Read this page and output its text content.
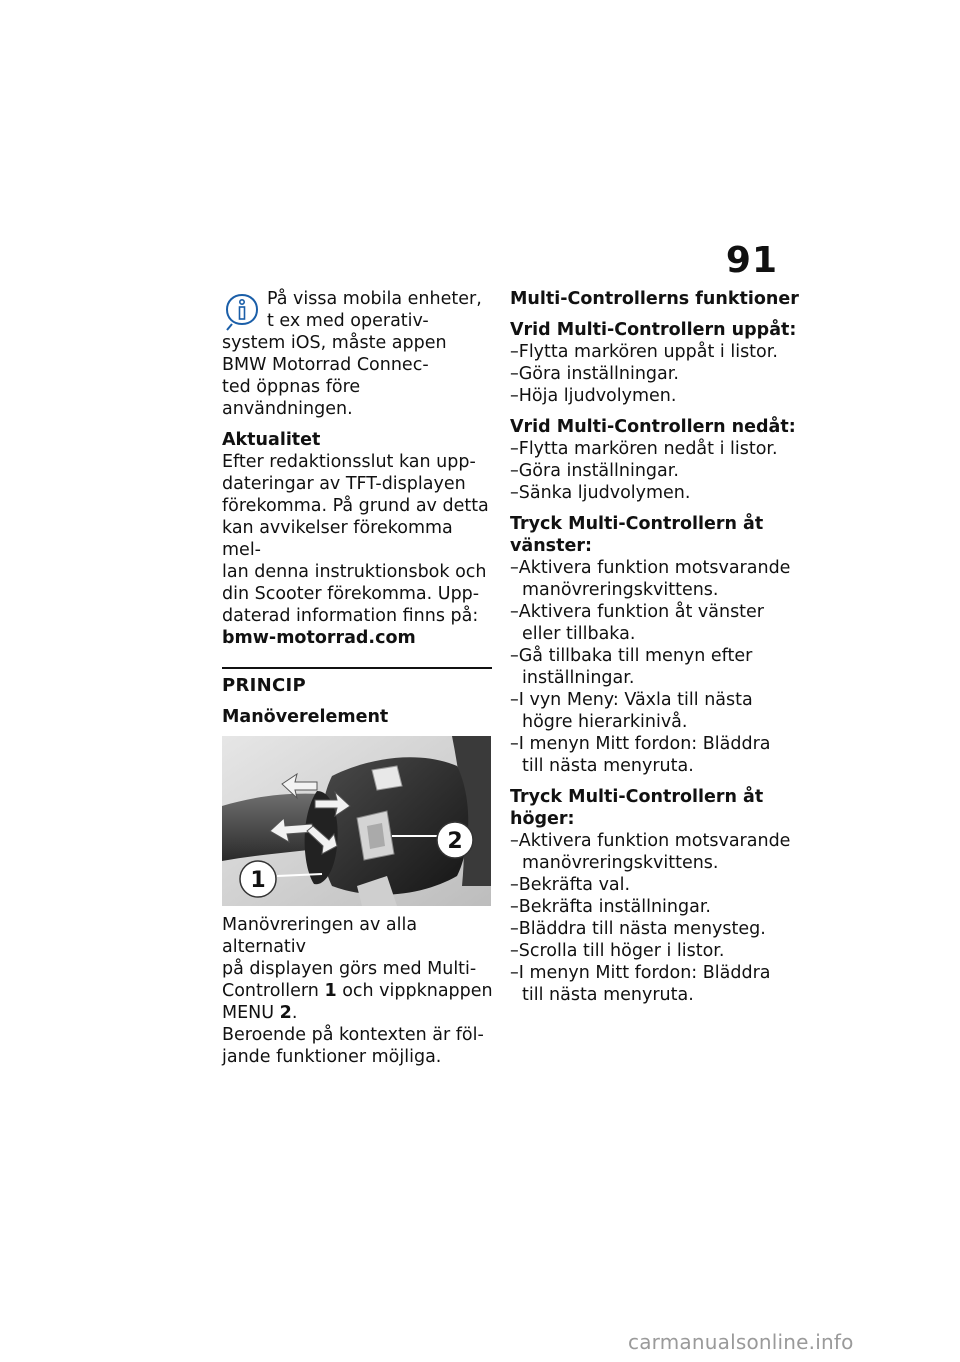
91

På vissa mobila enheter,

t ex med operativ-

system iOS, måste appen

BMW Motorrad Connec-

ted öppnas före användningen.

Aktualitet

Efter redaktionsslut kan upp-

dateringar av TFT-displayen

förekomma. På grund av detta

kan avvikelser förekomma mel-

lan denna instruktionsbok och

din Scooter förekomma. Upp-

daterad information finns på:

bmw-motorrad.com

PRINCIP

Manöverelement

2
1

Manövreringen av alla alternativ

på displayen görs med Multi-

Controllern 1 och vippknappen

MENU 2.

Beroende på kontexten är föl-

jande funktioner möjliga.

Multi-Controllerns funktioner

Vrid Multi-Controllern uppåt:

–Flytta markören uppåt i listor.
–Göra inställningar.
–Höja ljudvolymen.

Vrid Multi-Controllern nedåt:

–Flytta markören nedåt i listor.
–Göra inställningar.
–Sänka ljudvolymen.

Tryck Multi-Controllern åt

vänster:

–Aktivera funktion motsvarande
manövreringskvittens.
–Aktivera funktion åt vänster
eller tillbaka.
–Gå tillbaka till menyn efter
inställningar.
–I vyn Meny: Växla till nästa
högre hierarkinivå.
–I menyn Mitt fordon: Bläddra
till nästa menyruta.

Tryck Multi-Controllern åt

höger:

–Aktivera funktion motsvarande
manövreringskvittens.
–Bekräfta val.
–Bekräfta inställningar.
–Bläddra till nästa menysteg.
–Scrolla till höger i listor.
–I menyn Mitt fordon: Bläddra
till nästa menyruta.
carmanualsonline.info
